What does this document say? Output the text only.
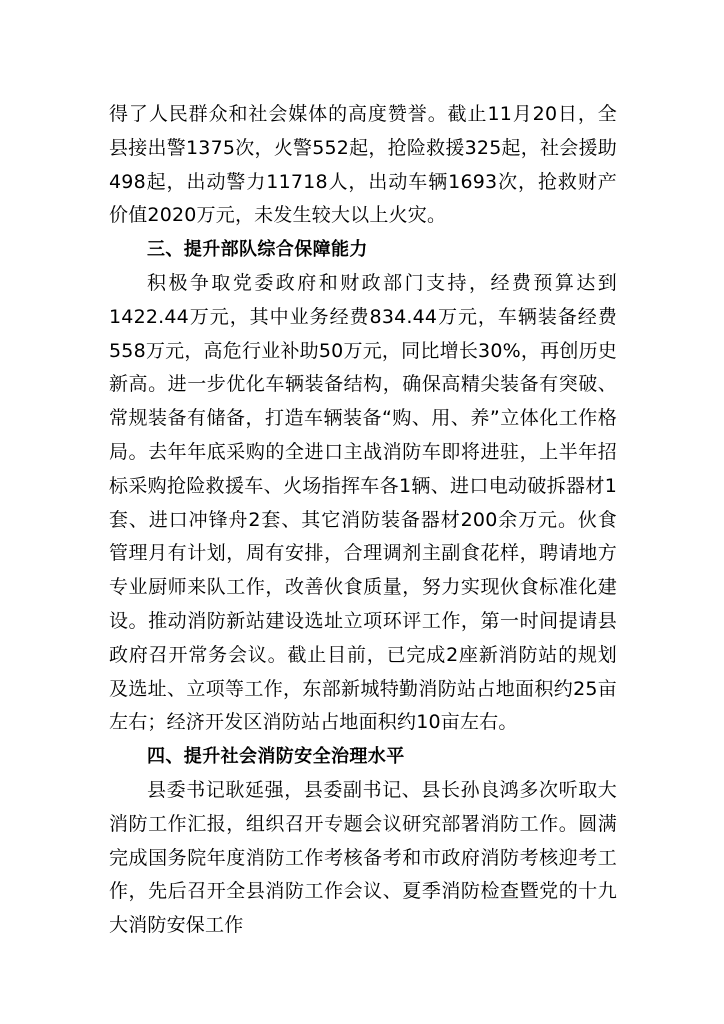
得了人民群众和社会媒体的高度赞誉。截止11月20日，全县接出警1375次，火警552起，抢险救援325起，社会援助498起，出动警力11718人，出动车辆1693次，抢救财产价值2020万元，未发生较大以上火灾。

三、提升部队综合保障能力

积极争取党委政府和财政部门支持，经费预算达到1422.44万元，其中业务经费834.44万元，车辆装备经费558万元，高危行业补助50万元，同比增长30%，再创历史新高。进一步优化车辆装备结构，确保高精尖装备有突破、常规装备有储备，打造车辆装备“购、用、养”立体化工作格局。去年年底采购的全进口主战消防车即将进驻，上半年招标采购抢险救援车、火场指挥车各1辆、进口电动破拆器材1套、进口冲锋舟2套、其它消防装备器材200余万元。伙食管理月有计划，周有安排，合理调剂主副食花样，聘请地方专业厨师来队工作，改善伙食质量，努力实现伙食标准化建设。推动消防新站建设选址立项环评工作，第一时间提请县政府召开常务会议。截止目前，已完成2座新消防站的规划及选址、立项等工作，东部新城特勤消防站占地面积约25亩左右；经济开发区消防站占地面积约10亩左右。

四、提升社会消防安全治理水平

县委书记耿延强，县委副书记、县长孙良鸿多次听取大消防工作汇报，组织召开专题会议研究部署消防工作。圆满完成国务院年度消防工作考核备考和市政府消防考核迎考工作，先后召开全县消防工作会议、夏季消防检查暨党的十九大消防安保工作
